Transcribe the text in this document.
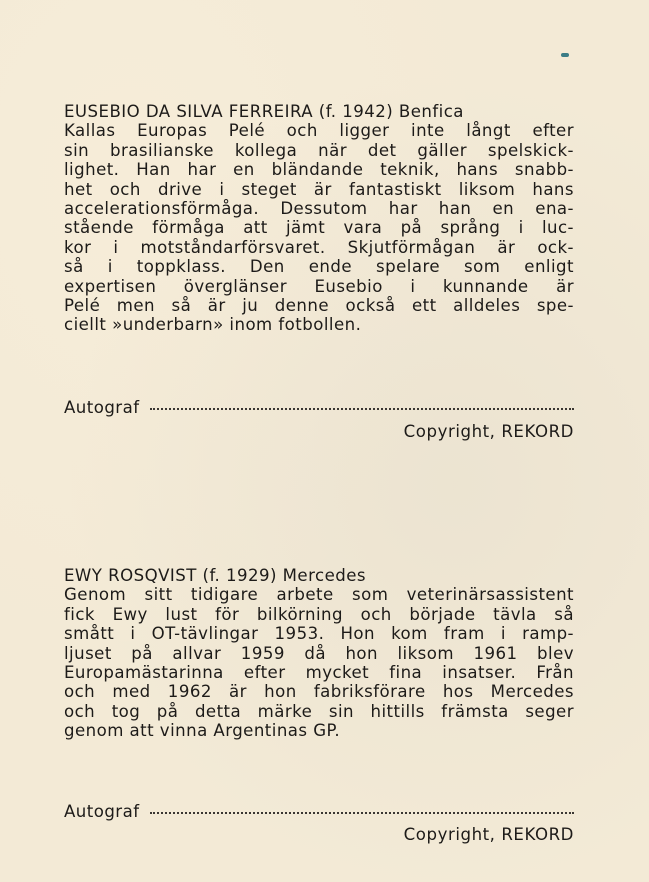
EUSEBIO DA SILVA FERREIRA (f. 1942) Benfica
Kallas Europas Pelé och ligger inte långt efter
sin brasilianske kollega när det gäller spelskick-
lighet. Han har en bländande teknik, hans snabb-
het och drive i steget är fantastiskt liksom hans
accelerationsförmåga. Dessutom har han en ena-
stående förmåga att jämt vara på språng i luc-
kor i motståndarförsvaret. Skjutförmågan är ock-
så i toppklass. Den ende spelare som enligt
expertisen överglänser Eusebio i kunnande är
Pelé men så är ju denne också ett alldeles spe-
ciellt »underbarn» inom fotbollen.
Autograf
Copyright, REKORD
EWY ROSQVIST (f. 1929) Mercedes
Genom sitt tidigare arbete som veterinärsassistent
fick Ewy lust för bilkörning och började tävla så
smått i OT-tävlingar 1953. Hon kom fram i ramp-
ljuset på allvar 1959 då hon liksom 1961 blev
Europamästarinna efter mycket fina insatser. Från
och med 1962 är hon fabriksförare hos Mercedes
och tog på detta märke sin hittills främsta seger
genom att vinna Argentinas GP.
Autograf
Copyright, REKORD
